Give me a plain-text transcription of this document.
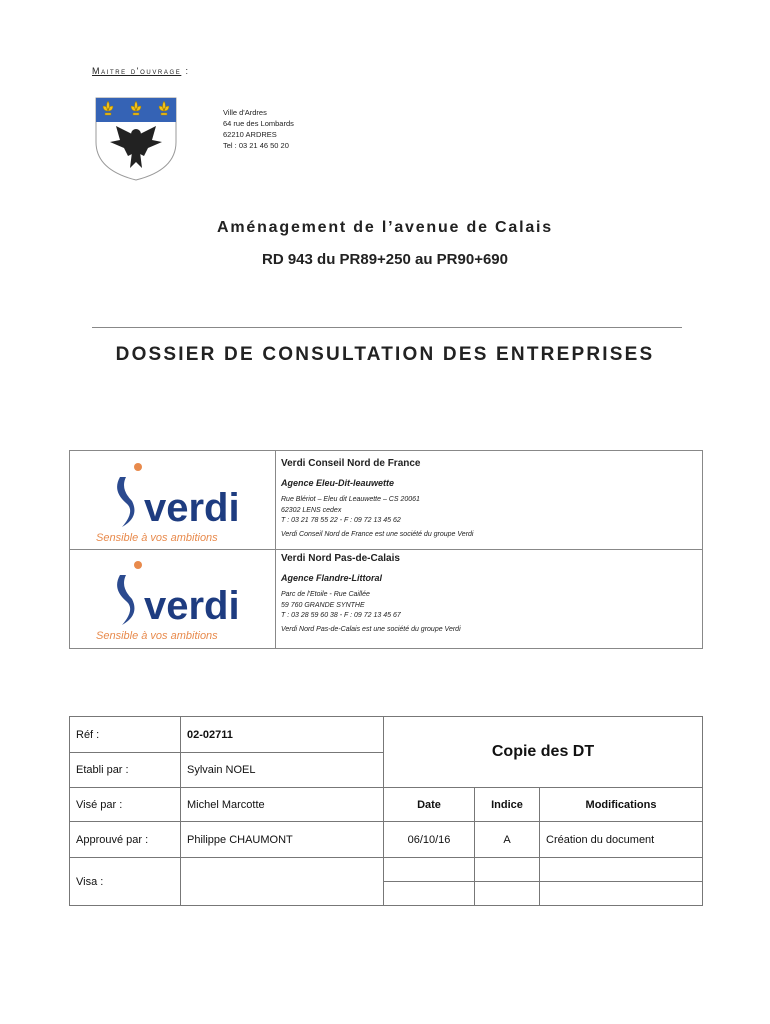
Maitre d'ouvrage :
Ville d'Ardres
64 rue des Lombards
62210 ARDRES
Tel : 03 21 46 50 20
Aménagement de l’avenue de Calais
RD 943 du PR89+250 au PR90+690
DOSSIER DE CONSULTATION DES ENTREPRISES
verdi
Sensible à vos ambitions
verdi
Sensible à vos ambitions
Verdi Conseil Nord de France
Agence Eleu-Dit-leauwette
Rue Blériot – Eleu dit Leauwette – CS 20061
62302 LENS cedex
T : 03 21 78 55 22 - F : 09 72 13 45 62
Verdi Conseil Nord de France est une société du groupe Verdi
Verdi Nord Pas-de-Calais
Agence Flandre-Littoral
Parc de l'Etoile - Rue Caillée
59 760 GRANDE SYNTHE
T : 03 28 59 60 38 - F : 09 72 13 45 67
Verdi Nord Pas-de-Calais est une société du groupe Verdi
Réf :	02-02711	Copie des DT		
Etabli par :	Sylvain NOEL			
Visé par :	Michel Marcotte	Date	Indice	Modifications
Approuvé par :	Philippe CHAUMONT	06/10/16	A	Création du document
Visa :				
